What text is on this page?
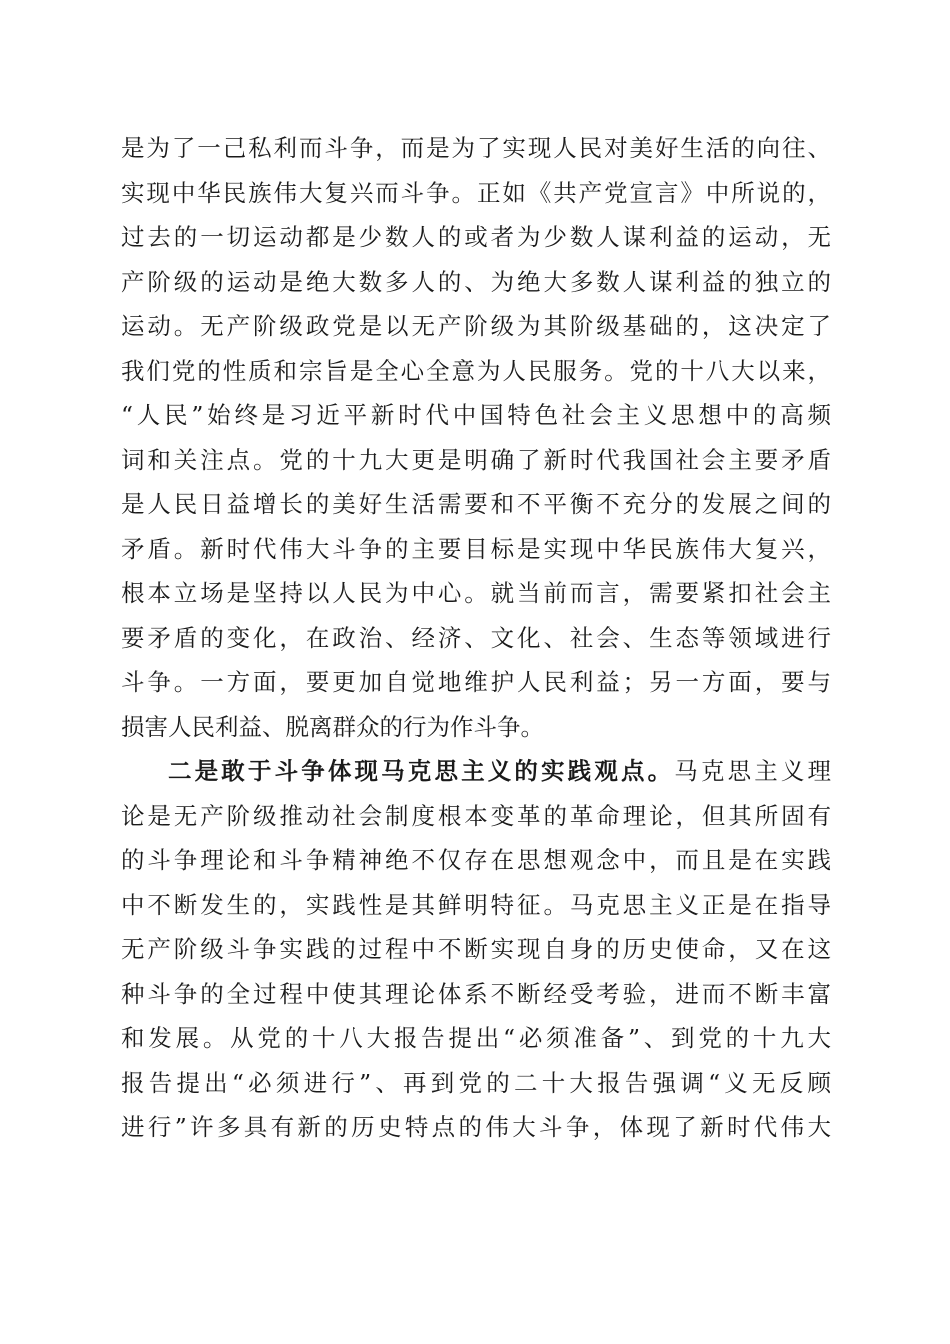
是为了一己私利而斗争，而是为了实现人民对美好生活的向往、
实现中华民族伟大复兴而斗争。正如《共产党宣言》中所说的，
过去的一切运动都是少数人的或者为少数人谋利益的运动，无
产阶级的运动是绝大数多人的、为绝大多数人谋利益的独立的
运动。无产阶级政党是以无产阶级为其阶级基础的，这决定了
我们党的性质和宗旨是全心全意为人民服务。党的十八大以来，
“人民”始终是习近平新时代中国特色社会主义思想中的高频
词和关注点。党的十九大更是明确了新时代我国社会主要矛盾
是人民日益增长的美好生活需要和不平衡不充分的发展之间的
矛盾。新时代伟大斗争的主要目标是实现中华民族伟大复兴，
根本立场是坚持以人民为中心。就当前而言，需要紧扣社会主
要矛盾的变化，在政治、经济、文化、社会、生态等领域进行
斗争。一方面，要更加自觉地维护人民利益；另一方面，要与
损害人民利益、脱离群众的行为作斗争。
二是敢于斗争体现马克思主义的实践观点。马克思主义理
论是无产阶级推动社会制度根本变革的革命理论，但其所固有
的斗争理论和斗争精神绝不仅存在思想观念中，而且是在实践
中不断发生的，实践性是其鲜明特征。马克思主义正是在指导
无产阶级斗争实践的过程中不断实现自身的历史使命，又在这
种斗争的全过程中使其理论体系不断经受考验，进而不断丰富
和发展。从党的十八大报告提出“必须准备”、到党的十九大
报告提出“必须进行”、再到党的二十大报告强调“义无反顾
进行”许多具有新的历史特点的伟大斗争，体现了新时代伟大
